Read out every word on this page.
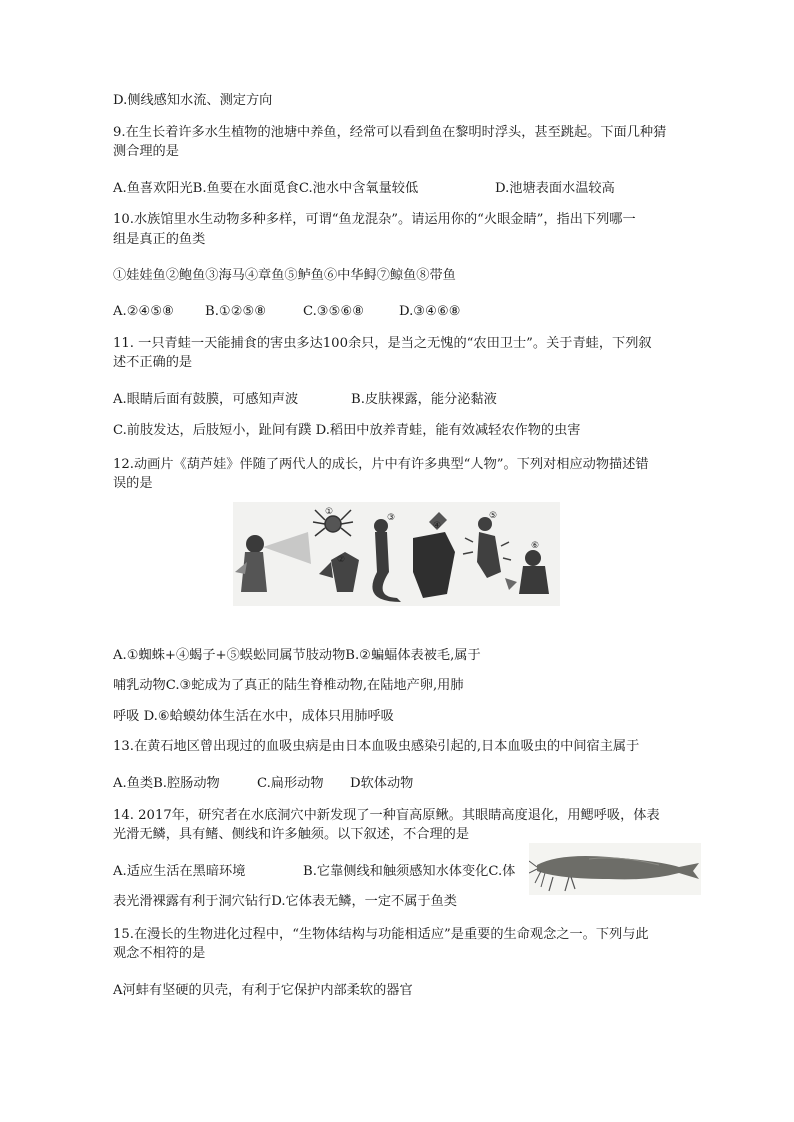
D.侧线感知水流、测定方向
9.在生长着许多水生植物的池塘中养鱼，经常可以看到鱼在黎明时浮头，甚至跳起。下面几种猜
测合理的是
A.鱼喜欢阳光B.鱼要在水面觅食C.池水中含氧量较低	D.池塘表面水温较高
10.水族馆里水生动物多种多样，可谓“鱼龙混杂”。请运用你的“火眼金睛”，指出下列哪一
组是真正的鱼类
①娃娃鱼②鲍鱼③海马④章鱼⑤鲈鱼⑥中华鲟⑦鲸鱼⑧带鱼
A.②④⑤⑧ B.①②⑤⑧	C.③⑤⑥⑧	D.③④⑥⑧
11. 一只青蛙一天能捕食的害虫多达100余只，是当之无愧的“农田卫士”。关于青蛙，下列叙
述不正确的是
A.眼睛后面有鼓膜，可感知声波	B.皮肤裸露，能分泌黏液
C.前肢发达，后肢短小，趾间有蹼 D.稻田中放养青蛙，能有效减轻农作物的虫害
12.动画片《葫芦娃》伴随了两代人的成长，片中有许多典型“人物”。下列对相应动物描述错
误的是
①
②
③
④
⑤
⑥
A.①蜘蛛+④蝎子+⑤蜈蚣同属节肢动物B.②蝙蝠体表被毛,属于
哺乳动物C.③蛇成为了真正的陆生脊椎动物,在陆地产卵,用肺
呼吸 D.⑥蛤蟆幼体生活在水中，成体只用肺呼吸
13.在黄石地区曾出现过的血吸虫病是由日本血吸虫感染引起的,日本血吸虫的中间宿主属于
A.鱼类B.腔肠动物	C.扁形动物 D软体动物
14. 2017年，研究者在水底洞穴中新发现了一种盲高原鳅。其眼睛高度退化，用鳃呼吸，体表
光滑无鳞，具有鳍、侧线和许多触须。以下叙述，不合理的是
A.适应生活在黑暗环境	B.它靠侧线和触须感知水体变化C.体
表光滑裸露有利于洞穴钻行D.它体表无鳞，一定不属于鱼类
15.在漫长的生物进化过程中，“生物体结构与功能相适应”是重要的生命观念之一。下列与此
观念不相符的是
A河蚌有坚硬的贝壳，有利于它保护内部柔软的器官
